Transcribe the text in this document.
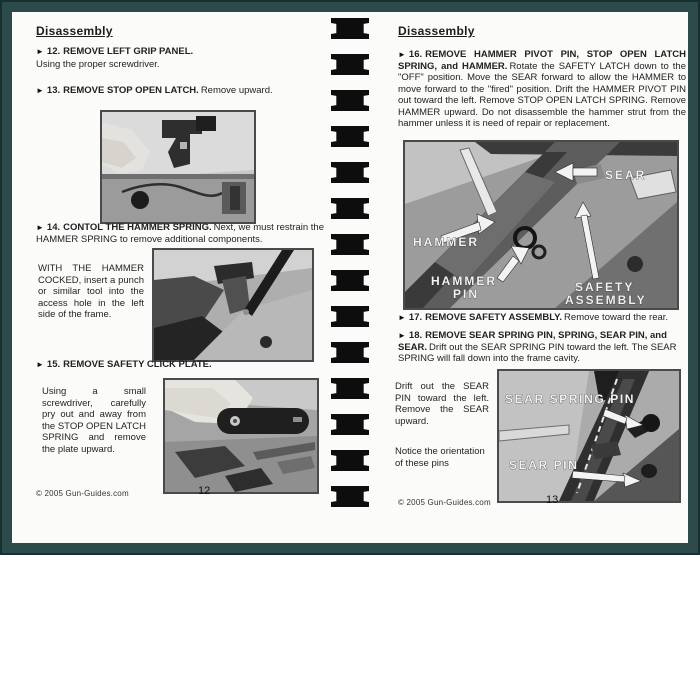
Disassembly
► 12. REMOVE LEFT GRIP PANEL.
Using the proper screwdriver.
► 13. REMOVE STOP OPEN LATCH. Remove upward.
► 14. CONTOL THE HAMMER SPRING. Next, we must restrain the HAMMER SPRING to remove additional components.
WITH THE HAMMER COCKED, insert a punch or similar tool into the access hole in the left side of the frame.
► 15. REMOVE SAFETY CLICK PLATE.
Using a small screwdriver, carefully pry out and away from the STOP OPEN LATCH SPRING and remove the plate upward.
© 2005 Gun-Guides.com	12
Disassembly
► 16. REMOVE HAMMER PIVOT PIN, STOP OPEN LATCH SPRING, and HAMMER. Rotate the SAFETY LATCH down to the "OFF" position. Move the SEAR forward to allow the HAMMER to move forward to the "fired" position. Drift the HAMMER PIVOT PIN out toward the left. Remove STOP OPEN LATCH SPRING. Remove HAMMER upward. Do not disassemble the hammer strut from the hammer unless it is need of repair or replacement.
SEAR
HAMMER
HAMMER
PIN	SAFETY
ASSEMBLY
► 17. REMOVE SAFETY ASSEMBLY. Remove toward the rear.
► 18. REMOVE SEAR SPRING PIN, SPRING, SEAR PIN, and SEAR. Drift out the SEAR SPRING PIN toward the left. The SEAR SPRING will fall down into the frame cavity.
Drift out the SEAR PIN toward the left. Remove the SEAR upward.
Notice the orientation of these pins
SEAR SPRING PIN
SEAR PIN
© 2005 Gun-Guides.com	13
